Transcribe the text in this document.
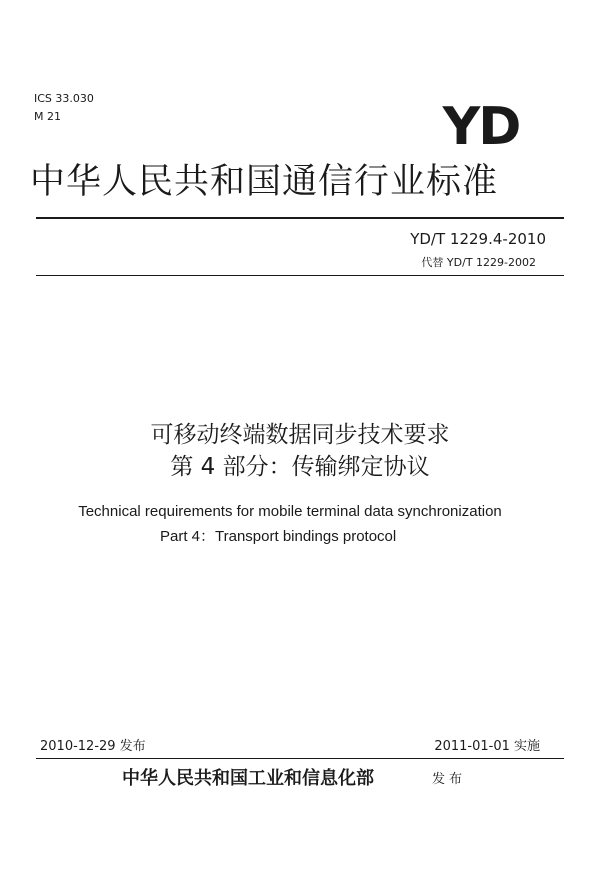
ICS 33.030
M 21	YD
中华人民共和国通信行业标准
YD/T 1229.4-2010
代替 YD/T 1229-2002
可移动终端数据同步技术要求
第 4 部分：传输绑定协议
Technical requirements for mobile terminal data synchronization
Part 4：Transport bindings protocol
2010-12-29 发布	2011-01-01 实施
中华人民共和国工业和信息化部	发布
